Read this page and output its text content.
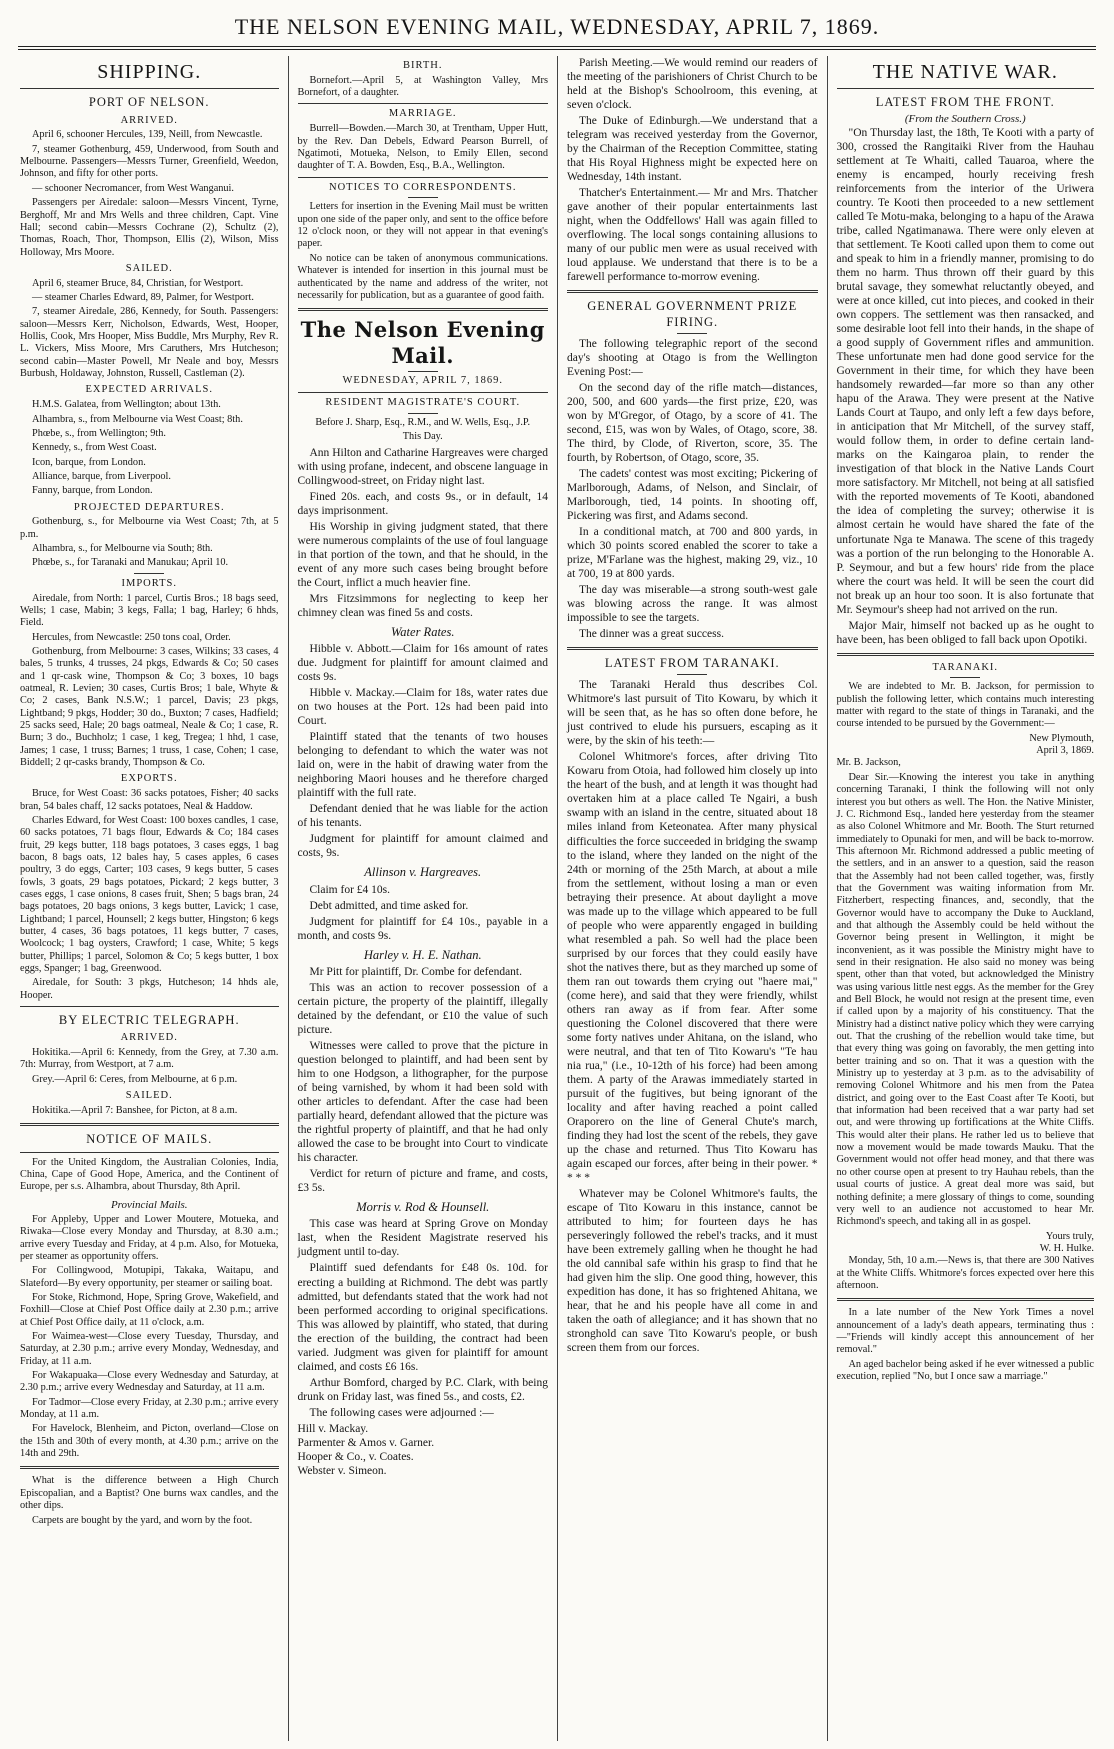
THE NELSON EVENING MAIL, WEDNESDAY, APRIL 7, 1869.
SHIPPING.
PORT OF NELSON.
ARRIVED.

April 6, schooner Hercules, 139, Neill, from Newcastle.

7, steamer Gothenburg, 459, Underwood, from South and Melbourne. Passengers—Messrs Turner, Greenfield, Weedon, Johnson, and fifty for other ports.

— schooner Necromancer, from West Wanganui.

Passengers per Airedale: saloon—Messrs Vincent, Tyrne, Berghoff, Mr and Mrs Wells and three children, Capt. Vine Hall; second cabin—Messrs Cochrane (2), Schultz (2), Thomas, Roach, Thor, Thompson, Ellis (2), Wilson, Miss Holloway, Mrs Moore.

SAILED.

April 6, steamer Bruce, 84, Christian, for Westport.

— steamer Charles Edward, 89, Palmer, for Westport.

7, steamer Airedale, 286, Kennedy, for South. Passengers: saloon—Messrs Kerr, Nicholson, Edwards, West, Hooper, Hollis, Cook, Mrs Hooper, Miss Buddle, Mrs Murphy, Rev R. L. Vickers, Miss Moore, Mrs Caruthers, Mrs Hutcheson; second cabin—Master Powell, Mr Neale and boy, Messrs Burbush, Holdaway, Johnston, Russell, Castleman (2).

EXPECTED ARRIVALS.

H.M.S. Galatea, from Wellington; about 13th.

Alhambra, s., from Melbourne via West Coast; 8th.

Phœbe, s., from Wellington; 9th.

Kennedy, s., from West Coast.

Icon, barque, from London.

Alliance, barque, from Liverpool.

Fanny, barque, from London.

PROJECTED DEPARTURES.

Gothenburg, s., for Melbourne via West Coast; 7th, at 5 p.m.

Alhambra, s., for Melbourne via South; 8th.

Phœbe, s., for Taranaki and Manukau; April 10.

IMPORTS.

Airedale, from North: 1 parcel, Curtis Bros.; 18 bags seed, Wells; 1 case, Mabin; 3 kegs, Falla; 1 bag, Harley; 6 hhds, Field.

Hercules, from Newcastle: 250 tons coal, Order.

Gothenburg, from Melbourne: 3 cases, Wilkins; 33 cases, 4 bales, 5 trunks, 4 trusses, 24 pkgs, Edwards & Co; 50 cases and 1 qr-cask wine, Thompson & Co; 3 boxes, 10 bags oatmeal, R. Levien; 30 cases, Curtis Bros; 1 bale, Whyte & Co; 2 cases, Bank N.S.W.; 1 parcel, Davis; 23 pkgs, Lightband; 9 pkgs, Hodder; 30 do., Buxton; 7 cases, Hadfield; 25 sacks seed, Hale; 20 bags oatmeal, Neale & Co; 1 case, R. Burn; 3 do., Buchholz; 1 case, 1 keg, Tregea; 1 hhd, 1 case, James; 1 case, 1 truss; Barnes; 1 truss, 1 case, Cohen; 1 case, Biddell; 2 qr-casks brandy, Thompson & Co.

EXPORTS.

Bruce, for West Coast: 36 sacks potatoes, Fisher; 40 sacks bran, 54 bales chaff, 12 sacks potatoes, Neal & Haddow.

Charles Edward, for West Coast: 100 boxes candles, 1 case, 60 sacks potatoes, 71 bags flour, Edwards & Co; 184 cases fruit, 29 kegs butter, 118 bags potatoes, 3 cases eggs, 1 bag bacon, 8 bags oats, 12 bales hay, 5 cases apples, 6 cases poultry, 3 do eggs, Carter; 103 cases, 9 kegs butter, 5 cases fowls, 3 goats, 29 bags potatoes, Pickard; 2 kegs butter, 3 cases eggs, 1 case onions, 8 cases fruit, Shen; 5 bags bran, 24 bags potatoes, 20 bags onions, 3 kegs butter, Lavick; 1 case, Lightband; 1 parcel, Hounsell; 2 kegs butter, Hingston; 6 kegs butter, 4 cases, 36 bags potatoes, 11 kegs butter, 7 cases, Woolcock; 1 bag oysters, Crawford; 1 case, White; 5 kegs butter, Phillips; 1 parcel, Solomon & Co; 5 kegs butter, 1 box eggs, Spanger; 1 bag, Greenwood.

Airedale, for South: 3 pkgs, Hutcheson; 14 hhds ale, Hooper.

BY ELECTRIC TELEGRAPH.
ARRIVED.

Hokitika.—April 6: Kennedy, from the Grey, at 7.30 a.m. 7th: Murray, from Westport, at 7 a.m.

Grey.—April 6: Ceres, from Melbourne, at 6 p.m.

SAILED.

Hokitika.—April 7: Banshee, for Picton, at 8 a.m.

NOTICE OF MAILS.

For the United Kingdom, the Australian Colonies, India, China, Cape of Good Hope, America, and the Continent of Europe, per s.s. Alhambra, about Thursday, 8th April.

Provincial Mails.

For Appleby, Upper and Lower Moutere, Motueka, and Riwaka—Close every Monday and Thursday, at 8.30 a.m.; arrive every Tuesday and Friday, at 4 p.m. Also, for Motueka, per steamer as opportunity offers.

For Collingwood, Motupipi, Takaka, Waitapu, and Slateford—By every opportunity, per steamer or sailing boat.

For Stoke, Richmond, Hope, Spring Grove, Wakefield, and Foxhill—Close at Chief Post Office daily at 2.30 p.m.; arrive at Chief Post Office daily, at 11 o'clock, a.m.

For Waimea-west—Close every Tuesday, Thursday, and Saturday, at 2.30 p.m.; arrive every Monday, Wednesday, and Friday, at 11 a.m.

For Wakapuaka—Close every Wednesday and Saturday, at 2.30 p.m.; arrive every Wednesday and Saturday, at 11 a.m.

For Tadmor—Close every Friday, at 2.30 p.m.; arrive every Monday, at 11 a.m.

For Havelock, Blenheim, and Picton, overland—Close on the 15th and 30th of every month, at 4.30 p.m.; arrive on the 14th and 29th.

What is the difference between a High Church Episcopalian, and a Baptist? One burns wax candles, and the other dips.

Carpets are bought by the yard, and worn by the foot.

BIRTH.

Bornefort.—April 5, at Washington Valley, Mrs Bornefort, of a daughter.

MARRIAGE.

Burrell—Bowden.—March 30, at Trentham, Upper Hutt, by the Rev. Dan Debels, Edward Pearson Burrell, of Ngatimoti, Motueka, Nelson, to Emily Ellen, second daughter of T. A. Bowden, Esq., B.A., Wellington.

NOTICES TO CORRESPONDENTS.

Letters for insertion in the Evening Mail must be written upon one side of the paper only, and sent to the office before 12 o'clock noon, or they will not appear in that evening's paper.

No notice can be taken of anonymous communications. Whatever is intended for insertion in this journal must be authenticated by the name and address of the writer, not necessarily for publication, but as a guarantee of good faith.

The Nelson Evening Mail.
WEDNESDAY, APRIL 7, 1869.
RESIDENT MAGISTRATE'S COURT.

Before J. Sharp, Esq., R.M., and W. Wells, Esq., J.P.

This Day.

Ann Hilton and Catharine Hargreaves were charged with using profane, indecent, and obscene language in Collingwood-street, on Friday night last.

Fined 20s. each, and costs 9s., or in default, 14 days imprisonment.

His Worship in giving judgment stated, that there were numerous complaints of the use of foul language in that portion of the town, and that he should, in the event of any more such cases being brought before the Court, inflict a much heavier fine.

Mrs Fitzsimmons for neglecting to keep her chimney clean was fined 5s and costs.

Water Rates.

Hibble v. Abbott.—Claim for 16s amount of rates due. Judgment for plaintiff for amount claimed and costs 9s.

Hibble v. Mackay.—Claim for 18s, water rates due on two houses at the Port. 12s had been paid into Court.

Plaintiff stated that the tenants of two houses belonging to defendant to which the water was not laid on, were in the habit of drawing water from the neighboring Maori houses and he therefore charged plaintiff with the full rate.

Defendant denied that he was liable for the action of his tenants.

Judgment for plaintiff for amount claimed and costs, 9s.

Allinson v. Hargreaves.

Claim for £4 10s.

Debt admitted, and time asked for.

Judgment for plaintiff for £4 10s., payable in a month, and costs 9s.

Harley v. H. E. Nathan.

Mr Pitt for plaintiff, Dr. Combe for defendant.

This was an action to recover possession of a certain picture, the property of the plaintiff, illegally detained by the defendant, or £10 the value of such picture.

Witnesses were called to prove that the picture in question belonged to plaintiff, and had been sent by him to one Hodgson, a lithographer, for the purpose of being varnished, by whom it had been sold with other articles to defendant. After the case had been partially heard, defendant allowed that the picture was the rightful property of plaintiff, and that he had only allowed the case to be brought into Court to vindicate his character.

Verdict for return of picture and frame, and costs, £3 5s.

Morris v. Rod & Hounsell.

This case was heard at Spring Grove on Monday last, when the Resident Magistrate reserved his judgment until to-day.

Plaintiff sued defendants for £48 0s. 10d. for erecting a building at Richmond. The debt was partly admitted, but defendants stated that the work had not been performed according to original specifications. This was allowed by plaintiff, who stated, that during the erection of the building, the contract had been varied. Judgment was given for plaintiff for amount claimed, and costs £6 16s.

Arthur Bomford, charged by P.C. Clark, with being drunk on Friday last, was fined 5s., and costs, £2.

The following cases were adjourned :—

Hill v. Mackay.

Parmenter & Amos v. Garner.

Hooper & Co., v. Coates.

Webster v. Simeon.

Parish Meeting.—We would remind our readers of the meeting of the parishioners of Christ Church to be held at the Bishop's Schoolroom, this evening, at seven o'clock.

The Duke of Edinburgh.—We understand that a telegram was received yesterday from the Governor, by the Chairman of the Reception Committee, stating that His Royal Highness might be expected here on Wednesday, 14th instant.

Thatcher's Entertainment.— Mr and Mrs. Thatcher gave another of their popular entertainments last night, when the Oddfellows' Hall was again filled to overflowing. The local songs containing allusions to many of our public men were as usual received with loud applause. We understand that there is to be a farewell performance to-morrow evening.

GENERAL GOVERNMENT PRIZE FIRING.

The following telegraphic report of the second day's shooting at Otago is from the Wellington Evening Post:—

On the second day of the rifle match—distances, 200, 500, and 600 yards—the first prize, £20, was won by M'Gregor, of Otago, by a score of 41. The second, £15, was won by Wales, of Otago, score, 38. The third, by Clode, of Riverton, score, 35. The fourth, by Robertson, of Otago, score, 35.

The cadets' contest was most exciting; Pickering of Marlborough, Adams, of Nelson, and Sinclair, of Marlborough, tied, 14 points. In shooting off, Pickering was first, and Adams second.

In a conditional match, at 700 and 800 yards, in which 30 points scored enabled the scorer to take a prize, M'Farlane was the highest, making 29, viz., 10 at 700, 19 at 800 yards.

The day was miserable—a strong south-west gale was blowing across the range. It was almost impossible to see the targets.

The dinner was a great success.

LATEST FROM TARANAKI.

The Taranaki Herald thus describes Col. Whitmore's last pursuit of Tito Kowaru, by which it will be seen that, as he has so often done before, he just contrived to elude his pursuers, escaping as it were, by the skin of his teeth:—

Colonel Whitmore's forces, after driving Tito Kowaru from Otoia, had followed him closely up into the heart of the bush, and at length it was thought had overtaken him at a place called Te Ngairi, a bush swamp with an island in the centre, situated about 18 miles inland from Keteonatea. After many physical difficulties the force succeeded in bridging the swamp to the island, where they landed on the night of the 24th or morning of the 25th March, at about a mile from the settlement, without losing a man or even betraying their presence. At about daylight a move was made up to the village which appeared to be full of people who were apparently engaged in building what resembled a pah. So well had the place been surprised by our forces that they could easily have shot the natives there, but as they marched up some of them ran out towards them crying out "haere mai," (come here), and said that they were friendly, whilst others ran away as if from fear. After some questioning the Colonel discovered that there were some forty natives under Ahitana, on the island, who were neutral, and that ten of Tito Kowaru's "Te hau nia rua," (i.e., 10-12th of his force) had been among them. A party of the Arawas immediately started in pursuit of the fugitives, but being ignorant of the locality and after having reached a point called Oraporero on the line of General Chute's march, finding they had lost the scent of the rebels, they gave up the chase and returned. Thus Tito Kowaru has again escaped our forces, after being in their power. * * * *

Whatever may be Colonel Whitmore's faults, the escape of Tito Kowaru in this instance, cannot be attributed to him; for fourteen days he has perseveringly followed the rebel's tracks, and it must have been extremely galling when he thought he had the old cannibal safe within his grasp to find that he had given him the slip. One good thing, however, this expedition has done, it has so frightened Ahitana, we hear, that he and his people have all come in and taken the oath of allegiance; and it has shown that no stronghold can save Tito Kowaru's people, or bush screen them from our forces.

THE NATIVE WAR.
LATEST FROM THE FRONT.
(From the Southern Cross.)

"On Thursday last, the 18th, Te Kooti with a party of 300, crossed the Rangitaiki River from the Hauhau settlement at Te Whaiti, called Tauaroa, where the enemy is encamped, hourly receiving fresh reinforcements from the interior of the Uriwera country. Te Kooti then proceeded to a new settlement called Te Motu-maka, belonging to a hapu of the Arawa tribe, called Ngatimanawa. There were only eleven at that settlement. Te Kooti called upon them to come out and speak to him in a friendly manner, promising to do them no harm. Thus thrown off their guard by this brutal savage, they somewhat reluctantly obeyed, and were at once killed, cut into pieces, and cooked in their own coppers. The settlement was then ransacked, and some desirable loot fell into their hands, in the shape of a good supply of Government rifles and ammunition. These unfortunate men had done good service for the Government in their time, for which they have been handsomely rewarded—far more so than any other hapu of the Arawa. They were present at the Native Lands Court at Taupo, and only left a few days before, in anticipation that Mr Mitchell, of the survey staff, would follow them, in order to define certain land-marks on the Kaingaroa plain, to render the investigation of that block in the Native Lands Court more satisfactory. Mr Mitchell, not being at all satisfied with the reported movements of Te Kooti, abandoned the idea of completing the survey; otherwise it is almost certain he would have shared the fate of the unfortunate Nga te Manawa. The scene of this tragedy was a portion of the run belonging to the Honorable A. P. Seymour, and but a few hours' ride from the place where the court was held. It will be seen the court did not break up an hour too soon. It is also fortunate that Mr. Seymour's sheep had not arrived on the run.

Major Mair, himself not backed up as he ought to have been, has been obliged to fall back upon Opotiki.

TARANAKI.

We are indebted to Mr. B. Jackson, for permission to publish the following letter, which contains much interesting matter with regard to the state of things in Taranaki, and the course intended to be pursued by the Government:—

New Plymouth,

April 3, 1869.

Mr. B. Jackson,

Dear Sir.—Knowing the interest you take in anything concerning Taranaki, I think the following will not only interest you but others as well. The Hon. the Native Minister, J. C. Richmond Esq., landed here yesterday from the steamer as also Colonel Whitmore and Mr. Booth. The Sturt returned immediately to Opunaki for men, and will be back to-morrow. This afternoon Mr. Richmond addressed a public meeting of the settlers, and in an answer to a question, said the reason that the Assembly had not been called together, was, firstly that the Government was waiting information from Mr. Fitzherbert, respecting finances, and, secondly, that the Governor would have to accompany the Duke to Auckland, and that although the Assembly could be held without the Governor being present in Wellington, it might be inconvenient, as it was possible the Ministry might have to send in their resignation. He also said no money was being spent, other than that voted, but acknowledged the Ministry was using various little nest eggs. As the member for the Grey and Bell Block, he would not resign at the present time, even if called upon by a majority of his constituency. That the Ministry had a distinct native policy which they were carrying out. That the crushing of the rebellion would take time, but that every thing was going on favorably, the men getting into better training and so on. That it was a question with the Ministry up to yesterday at 3 p.m. as to the advisability of removing Colonel Whitmore and his men from the Patea district, and going over to the East Coast after Te Kooti, but that information had been received that a war party had set out, and were throwing up fortifications at the White Cliffs. This would alter their plans. He rather led us to believe that now a movement would be made towards Mauku. That the Government would not offer head money, and that there was no other course open at present to try Hauhau rebels, than the usual courts of justice. A great deal more was said, but nothing definite; a mere glossary of things to come, sounding very well to an audience not accustomed to hear Mr. Richmond's speech, and taking all in as gospel.

Yours truly,

W. H. Hulke.

Monday, 5th, 10 a.m.—News is, that there are 300 Natives at the White Cliffs. Whitmore's forces expected over here this afternoon.

In a late number of the New York Times a novel announcement of a lady's death appears, terminating thus :—"Friends will kindly accept this announcement of her removal."

An aged bachelor being asked if he ever witnessed a public execution, replied "No, but I once saw a marriage."
